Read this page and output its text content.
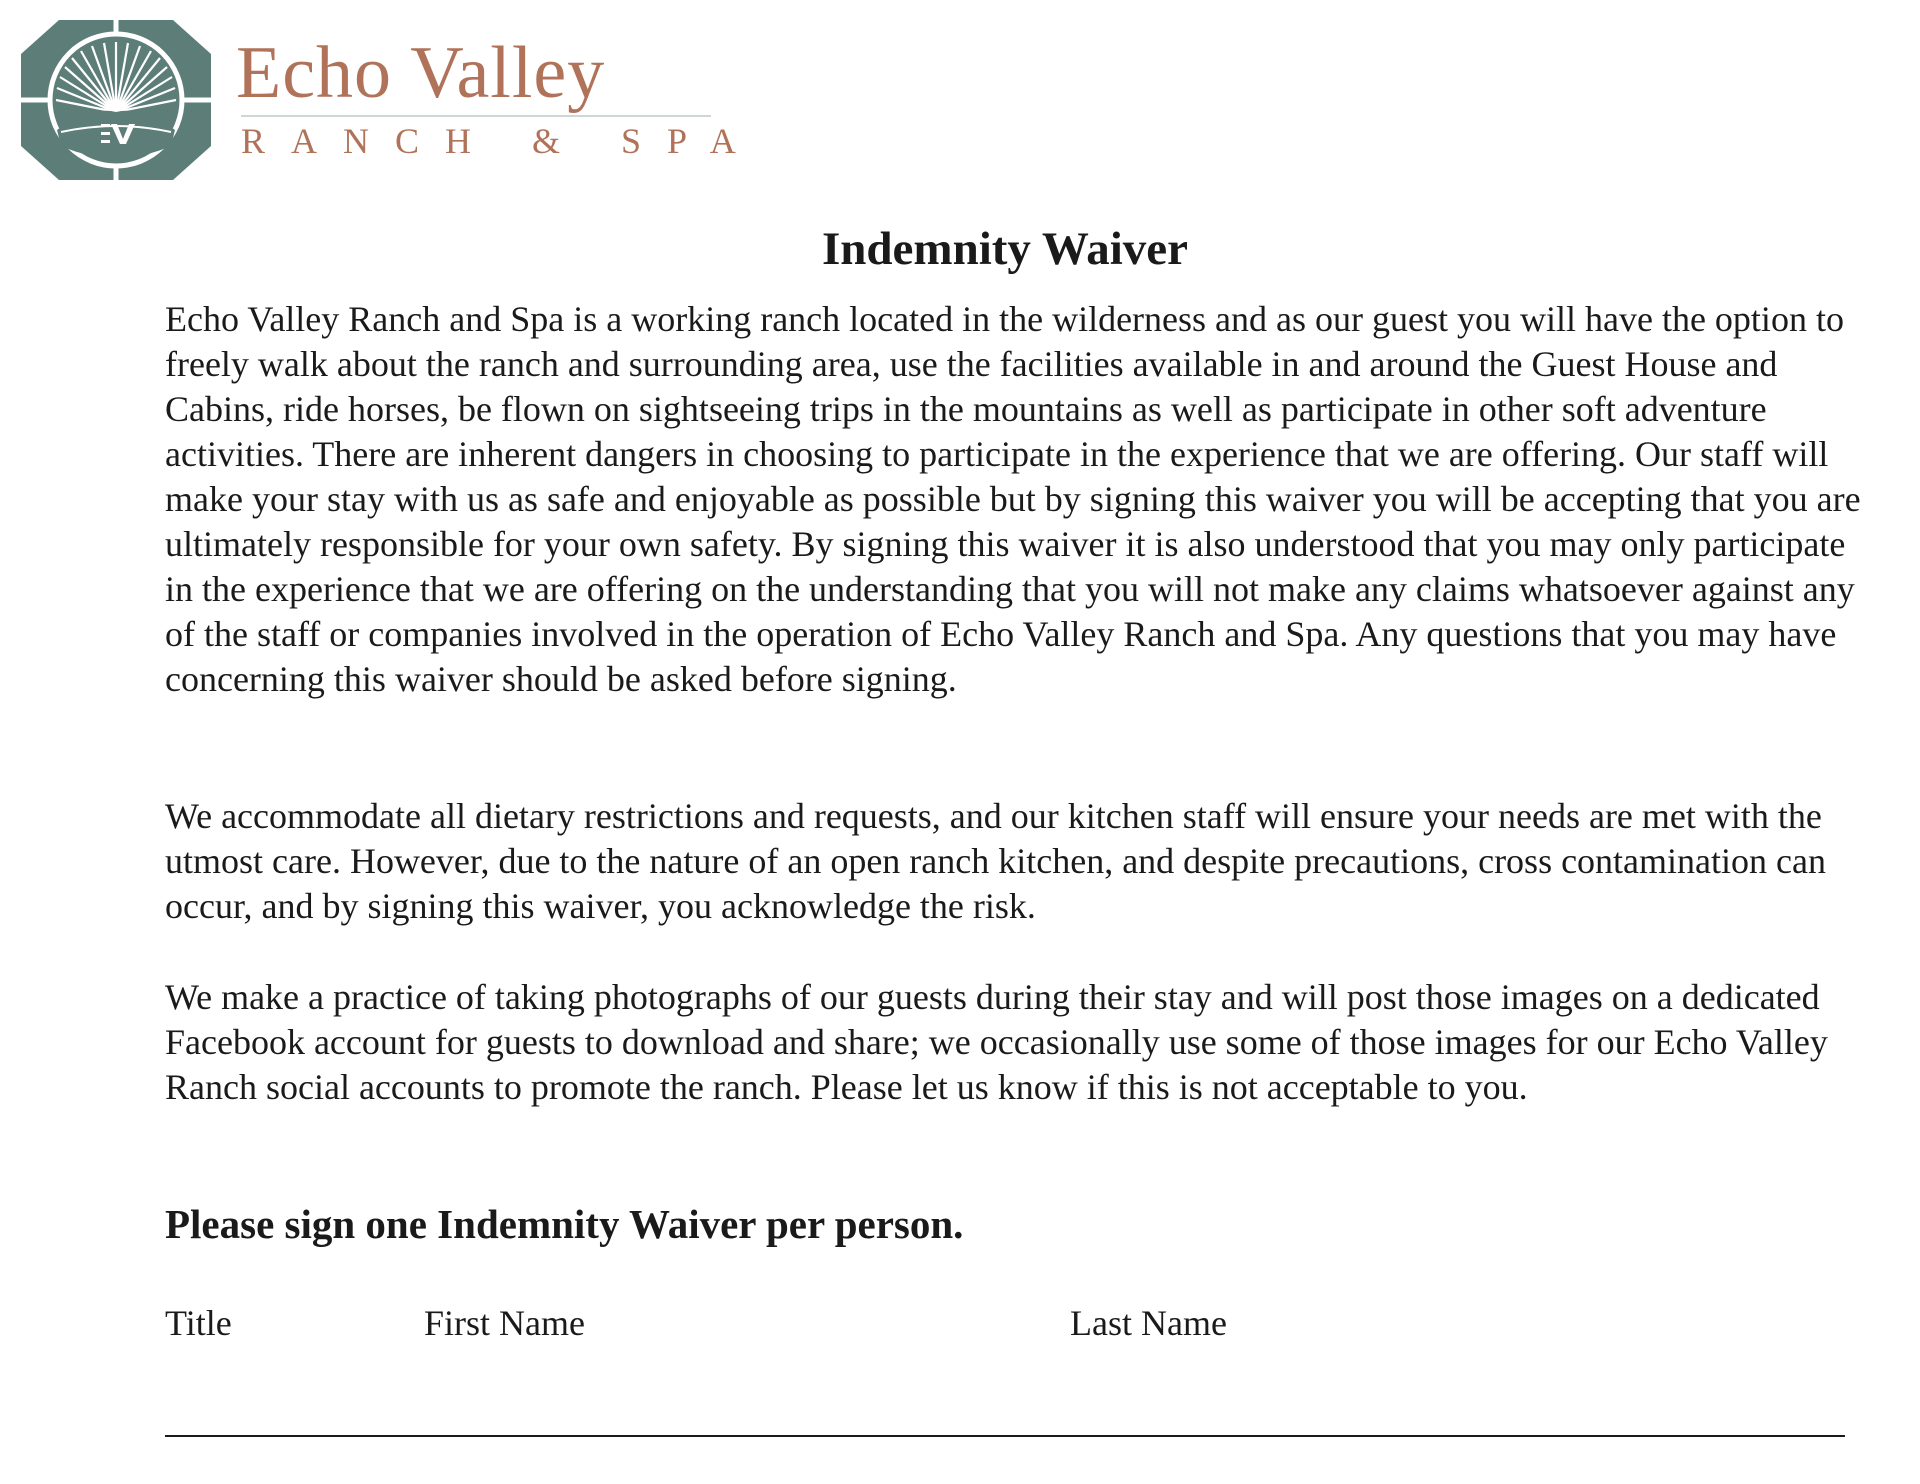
Echo Valley
RANCH & SPA
Indemnity Waiver

Echo Valley Ranch and Spa is a working ranch located in the wilderness and as our guest you will have the option to freely walk about the ranch and surrounding area, use the facilities available in and around the Guest House and Cabins, ride horses, be flown on sightseeing trips in the mountains as well as participate in other soft adventure activities. There are inherent dangers in choosing to participate in the experience that we are offering. Our staff will make your stay with us as safe and enjoyable as possible but by signing this waiver you will be accepting that you are ultimately responsible for your own safety. By signing this waiver it is also understood that you may only participate in the experience that we are offering on the understanding that you will not make any claims whatsoever against any of the staff or companies involved in the operation of Echo Valley Ranch and Spa. Any questions that you may have concerning this waiver should be asked before signing.

We accommodate all dietary restrictions and requests, and our kitchen staff will ensure your needs are met with the utmost care. However, due to the nature of an open ranch kitchen, and despite precautions, cross contamination can occur, and by signing this waiver, you acknowledge the risk.

We make a practice of taking photographs of our guests during their stay and will post those images on a dedicated Facebook account for guests to download and share; we occasionally use some of those images for our Echo Valley Ranch social accounts to promote the ranch. Please let us know if this is not acceptable to you.

Please sign one Indemnity Waiver per person.

Title	First Name	Last Name
